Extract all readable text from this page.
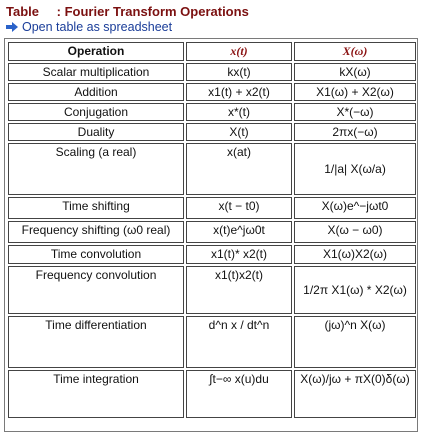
Table : Fourier Transform Operations
Open table as spreadsheet
Operation	x(t)	X(ω)
Scalar multiplication	kx(t)	kX(ω)
Addition	x1(t) + x2(t)	X1(ω) + X2(ω)
Conjugation	x*(t)	X*(−ω)
Duality	X(t)	2πx(−ω)
Scaling (a real)	x(at)	1/|a| X(ω/a)
Time shifting	x(t − t0)	X(ω)e^−jωt0
Frequency shifting (ω0 real)	x(t)e^jω0t	X(ω − ω0)
Time convolution	x1(t)* x2(t)	X1(ω)X2(ω)
Frequency convolution	x1(t)x2(t)	1/2π X1(ω) * X2(ω)
Time differentiation	d^n x / dt^n	(jω)^n X(ω)
Time integration	∫t−∞ x(u)du	X(ω)/jω + πX(0)δ(ω)
